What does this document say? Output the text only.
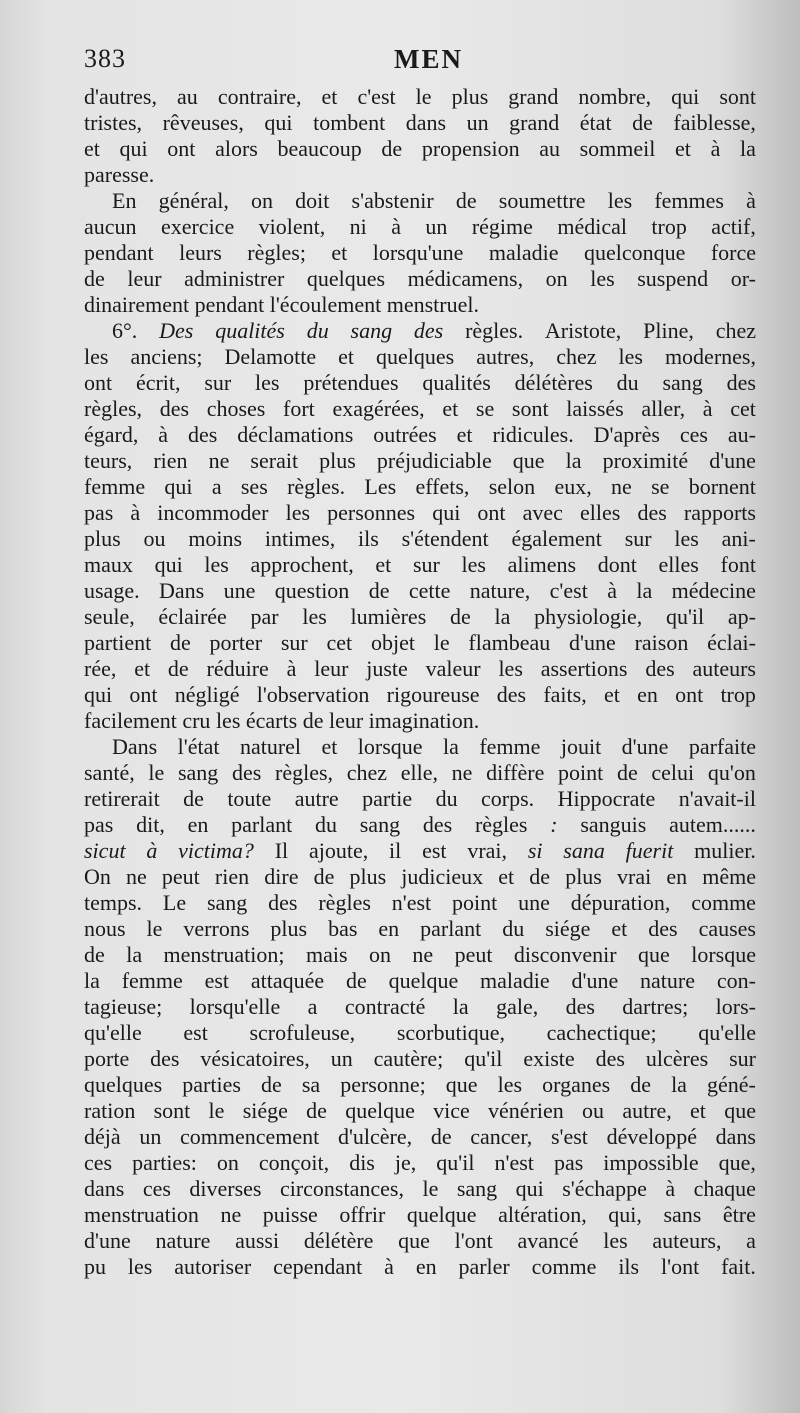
383	MEN
d'autres, au contraire, et c'est le plus grand nombre, qui sont
tristes, rêveuses, qui tombent dans un grand état de faiblesse,
et qui ont alors beaucoup de propension au sommeil et à la
paresse.
En général, on doit s'abstenir de soumettre les femmes à
aucun exercice violent, ni à un régime médical trop actif,
pendant leurs règles; et lorsqu'une maladie quelconque force
de leur administrer quelques médicamens, on les suspend or-
dinairement pendant l'écoulement menstruel.
6°. Des qualités du sang des règles. Aristote, Pline, chez
les anciens; Delamotte et quelques autres, chez les modernes,
ont écrit, sur les prétendues qualités délétères du sang des
règles, des choses fort exagérées, et se sont laissés aller, à cet
égard, à des déclamations outrées et ridicules. D'après ces au-
teurs, rien ne serait plus préjudiciable que la proximité d'une
femme qui a ses règles. Les effets, selon eux, ne se bornent
pas à incommoder les personnes qui ont avec elles des rapports
plus ou moins intimes, ils s'étendent également sur les ani-
maux qui les approchent, et sur les alimens dont elles font
usage. Dans une question de cette nature, c'est à la médecine
seule, éclairée par les lumières de la physiologie, qu'il ap-
partient de porter sur cet objet le flambeau d'une raison éclai-
rée, et de réduire à leur juste valeur les assertions des auteurs
qui ont négligé l'observation rigoureuse des faits, et en ont trop
facilement cru les écarts de leur imagination.
Dans l'état naturel et lorsque la femme jouit d'une parfaite
santé, le sang des règles, chez elle, ne diffère point de celui qu'on
retirerait de toute autre partie du corps. Hippocrate n'avait-il
pas dit, en parlant du sang des règles : sanguis autem......
sicut à victima? Il ajoute, il est vrai, si sana fuerit mulier.
On ne peut rien dire de plus judicieux et de plus vrai en même
temps. Le sang des règles n'est point une dépuration, comme
nous le verrons plus bas en parlant du siége et des causes
de la menstruation; mais on ne peut disconvenir que lorsque
la femme est attaquée de quelque maladie d'une nature con-
tagieuse; lorsqu'elle a contracté la gale, des dartres; lors-
qu'elle est scrofuleuse, scorbutique, cachectique; qu'elle
porte des vésicatoires, un cautère; qu'il existe des ulcères sur
quelques parties de sa personne; que les organes de la géné-
ration sont le siége de quelque vice vénérien ou autre, et que
déjà un commencement d'ulcère, de cancer, s'est développé dans
ces parties: on conçoit, dis je, qu'il n'est pas impossible que,
dans ces diverses circonstances, le sang qui s'échappe à chaque
menstruation ne puisse offrir quelque altération, qui, sans être
d'une nature aussi délétère que l'ont avancé les auteurs, a
pu les autoriser cependant à en parler comme ils l'ont fait.
